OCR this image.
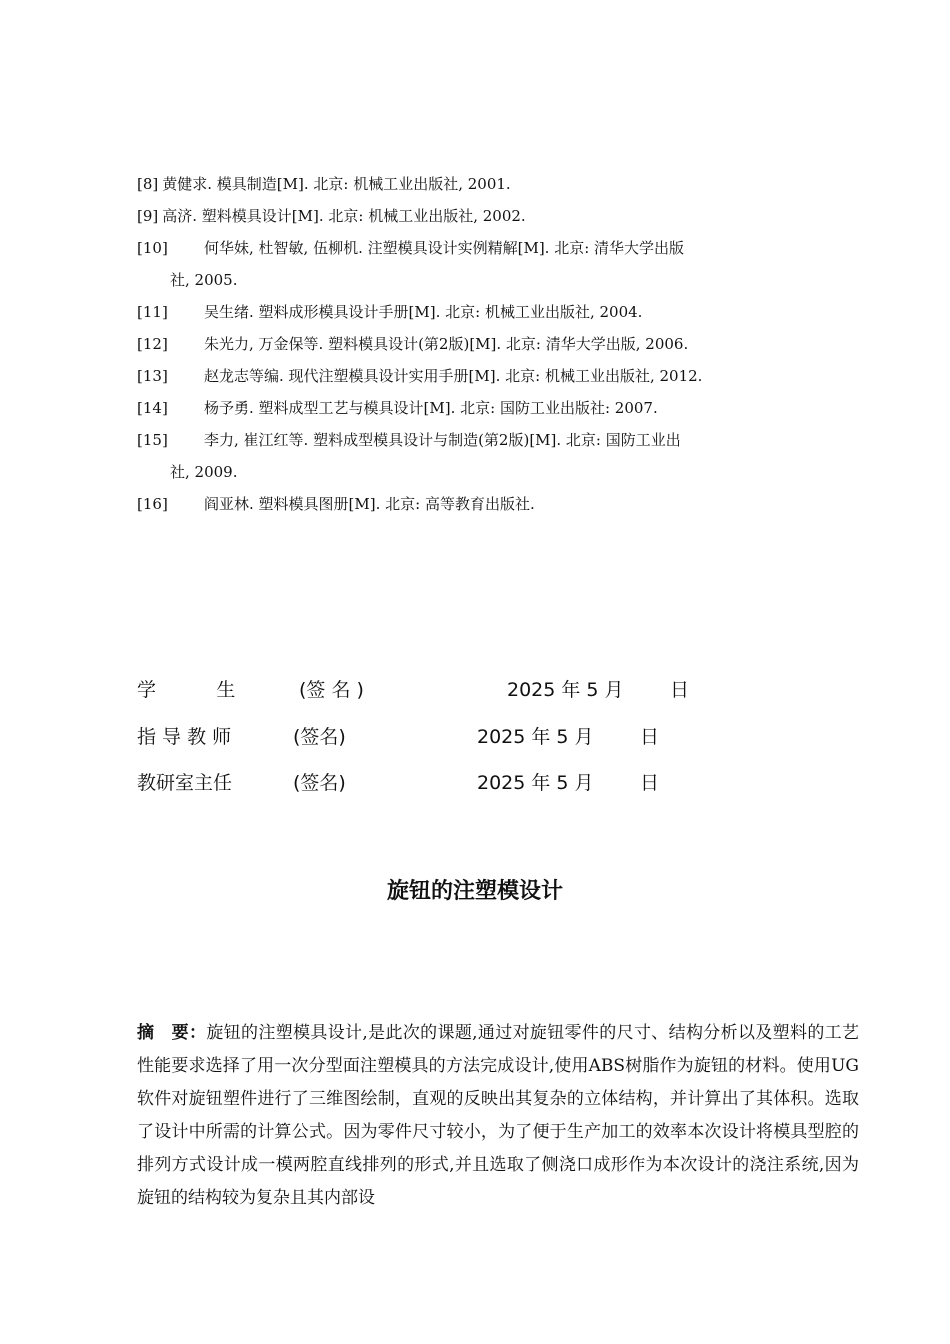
[8] 黄健求. 模具制造[M]. 北京: 机械工业出版社, 2001.
[9] 高济. 塑料模具设计[M]. 北京: 机械工业出版社, 2002.
[10] 何华妹, 杜智敏, 伍柳机. 注塑模具设计实例精解[M]. 北京: 清华大学出版
社, 2005.
[11] 吴生绪. 塑料成形模具设计手册[M]. 北京: 机械工业出版社, 2004.
[12] 朱光力, 万金保等. 塑料模具设计(第2版)[M]. 北京: 清华大学出版, 2006.
[13] 赵龙志等编. 现代注塑模具设计实用手册[M]. 北京: 机械工业出版社, 2012.
[14] 杨予勇. 塑料成型工艺与模具设计[M]. 北京: 国防工业出版社: 2007.
[15] 李力, 崔江红等. 塑料成型模具设计与制造(第2版)[M]. 北京: 国防工业出
社, 2009.
[16] 阎亚林. 塑料模具图册[M]. 北京: 高等教育出版社.
学          生	(签 名 )	2025 年 5 月 日
指 导 教 师	(签名)	2025 年 5 月 日
教研室主任	(签名)	2025 年 5 月 日
旋钮的注塑模设计
摘　要：旋钮的注塑模具设计,是此次的课题,通过对旋钮零件的尺寸、结构分析以及塑料的工艺性能要求选择了用一次分型面注塑模具的方法完成设计,使用ABS树脂作为旋钮的材料。使用UG软件对旋钮塑件进行了三维图绘制，直观的反映出其复杂的立体结构，并计算出了其体积。选取了设计中所需的计算公式。因为零件尺寸较小，为了便于生产加工的效率本次设计将模具型腔的排列方式设计成一模两腔直线排列的形式,并且选取了侧浇口成形作为本次设计的浇注系统,因为旋钮的结构较为复杂且其内部设
